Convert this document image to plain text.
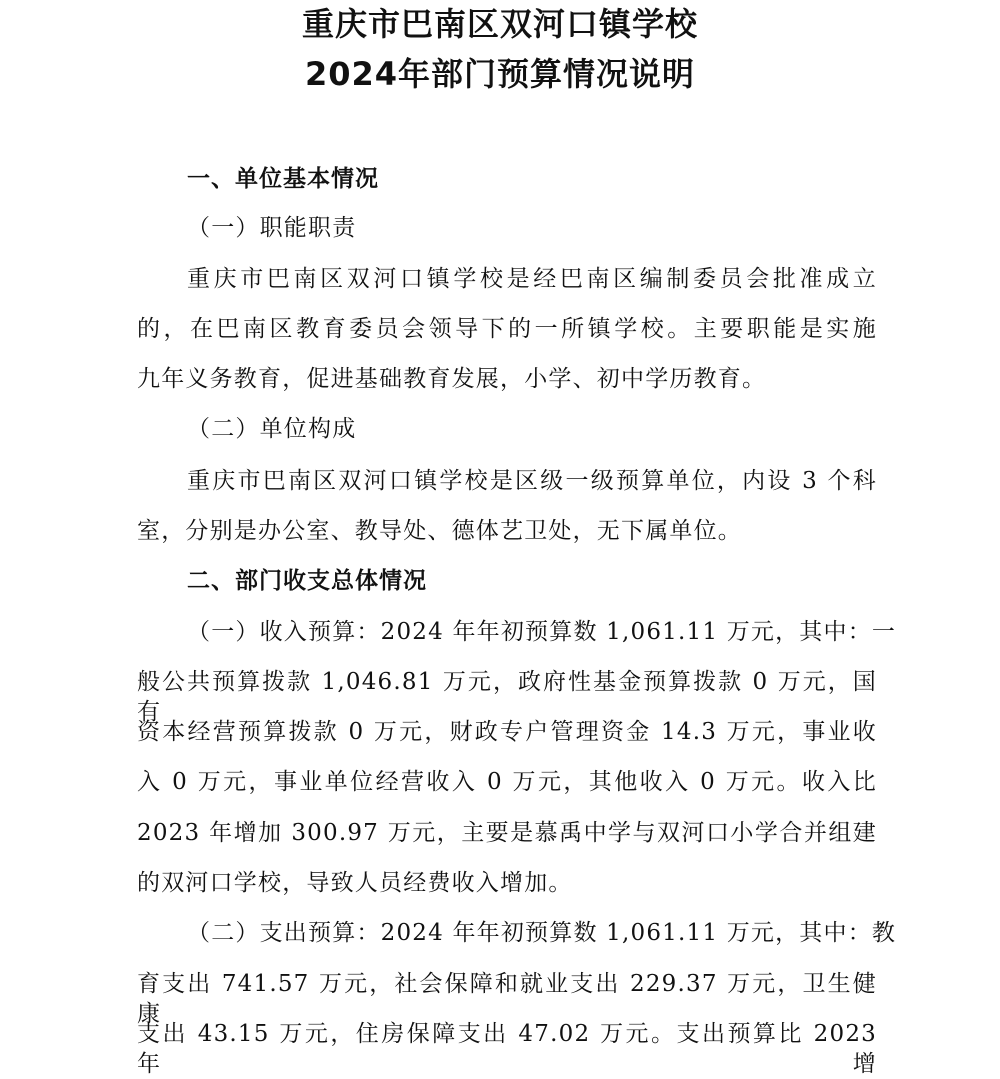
重庆市巴南区双河口镇学校
2024年部门预算情况说明
一、单位基本情况
（一）职能职责
重庆市巴南区双河口镇学校是经巴南区编制委员会批准成立
的，在巴南区教育委员会领导下的一所镇学校。主要职能是实施
九年义务教育，促进基础教育发展，小学、初中学历教育。
（二）单位构成
重庆市巴南区双河口镇学校是区级一级预算单位，内设 3 个科
室，分别是办公室、教导处、德体艺卫处，无下属单位。
二、部门收支总体情况
（一）收入预算： 2024 年年初预算数 1,061.11 万元，其中：一
般公共预算拨款 1,046.81 万元，政府性基金预算拨款 0 万元，国有
资本经营预算拨款 0 万元，财政专户管理资金 14.3 万元，事业收
入 0 万元，事业单位经营收入 0 万元，其他收入 0 万元。收入比
2023 年增加 300.97 万元，主要是慕禹中学与双河口小学合并组建
的双河口学校，导致人员经费收入增加。
（二）支出预算： 2024 年年初预算数 1,061.11 万元，其中：教
育支出 741.57 万元，社会保障和就业支出 229.37 万元，卫生健康
支出 43.15 万元，住房保障支出 47.02 万元。支出预算比 2023 年增
